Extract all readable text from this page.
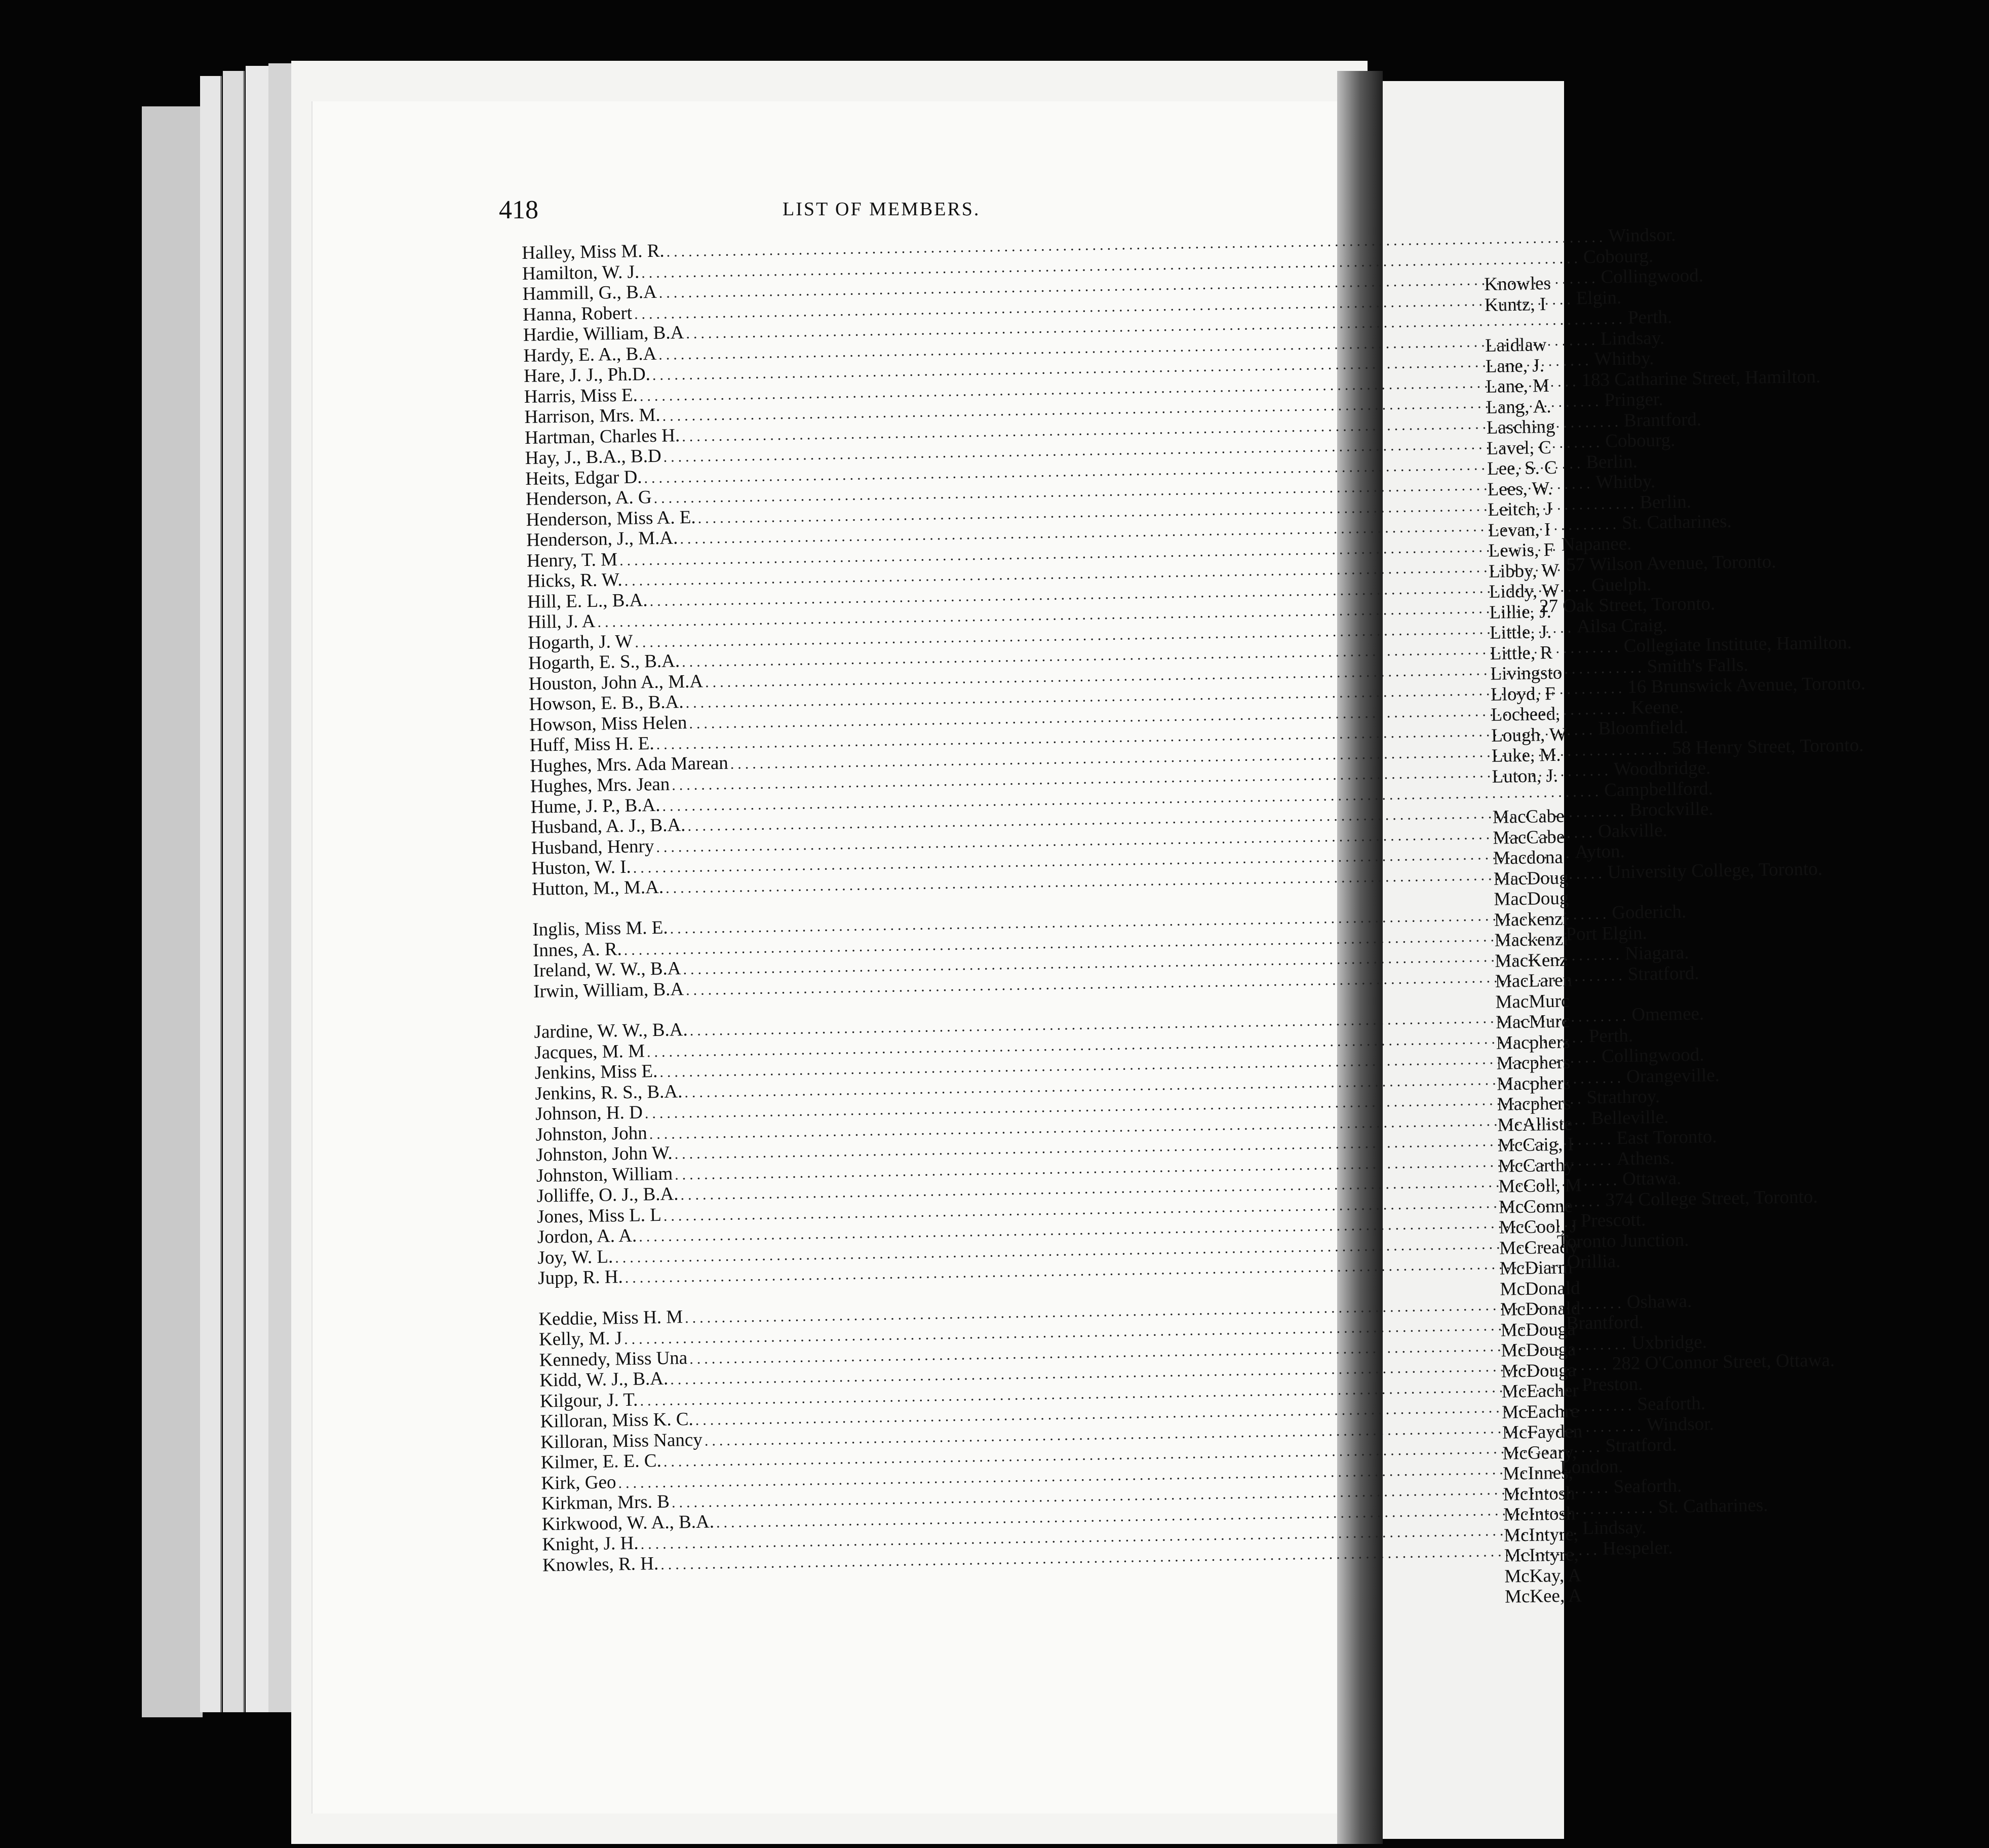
418	LIST OF MEMBERS.
Halley, Miss M. R.
.....
Windsor.
Hamilton, W. J.
.....
Cobourg.
Hammill, G., B.A
.....
Collingwood.
Hanna, Robert
.....
Elgin.
Hardie, William, B.A
.....
Perth.
Hardy, E. A., B.A
.....
Lindsay.
Hare, J. J., Ph.D.
.....
Whitby.
Harris, Miss E.
.....
183 Catharine Street, Hamilton.
Harrison, Mrs. M.
.....
Pringer.
Hartman, Charles H.
.....
Brantford.
Hay, J., B.A., B.D
.....
Cobourg.
Heits, Edgar D.
.....
Berlin.
Henderson, A. G
.....
Whitby.
Henderson, Miss A. E.
.....
Berlin.
Henderson, J., M.A.
.....
St. Catharines.
Henry, T. M
.....
Napanee.
Hicks, R. W.
.....
57 Wilson Avenue, Toronto.
Hill, E. L., B.A.
.....
Guelph.
Hill, J. A
.....
27 Oak Street, Toronto.
Hogarth, J. W
.....
Ailsa Craig.
Hogarth, E. S., B.A.
.....
Collegiate Institute, Hamilton.
Houston, John A., M.A
.....
Smith's Falls.
Howson, E. B., B.A.
.....
16 Brunswick Avenue, Toronto.
Howson, Miss Helen
.....
Keene.
Huff, Miss H. E.
.....
Bloomfield.
Hughes, Mrs. Ada Marean
.....
58 Henry Street, Toronto.
Hughes, Mrs. Jean
.....
Woodbridge.
Hume, J. P., B.A.
.....
Campbellford.
Husband, A. J., B.A.
.....
Brockville.
Husband, Henry
.....
Oakville.
Huston, W. I.
.....
Ayton.
Hutton, M., M.A.
.....
University College, Toronto.
Inglis, Miss M. E.
.....
Goderich.
Innes, A. R.
.....
Port Elgin.
Ireland, W. W., B.A
.....
Niagara.
Irwin, William, B.A
.....
Stratford.
Jardine, W. W., B.A.
.....
Omemee.
Jacques, M. M
.....
Perth.
Jenkins, Miss E.
.....
Collingwood.
Jenkins, R. S., B.A.
.....
Orangeville.
Johnson, H. D
.....
Strathroy.
Johnston, John
.....
Belleville.
Johnston, John W.
.....
East Toronto.
Johnston, William
.....
Athens.
Jolliffe, O. J., B.A.
.....
Ottawa.
Jones, Miss L. L
.....
374 College Street, Toronto.
Jordon, A. A.
.....
Prescott.
Joy, W. L.
.....
Toronto Junction.
Jupp, R. H.
.....
Orillia.
Keddie, Miss H. M
.....
Oshawa.
Kelly, M. J
.....
Brantford.
Kennedy, Miss Una
.....
Uxbridge.
Kidd, W. J., B.A.
.....
282 O'Connor Street, Ottawa.
Kilgour, J. T.
.....
Preston.
Killoran, Miss K. C.
.....
Seaforth.
Killoran, Miss Nancy
.....
Windsor.
Kilmer, E. E. C.
.....
Stratford.
Kirk, Geo
.....
London.
Kirkman, Mrs. B
.....
Seaforth.
Kirkwood, W. A., B.A.
.....
St. Catharines.
Knight, J. H.
.....
Lindsay.
Knowles, R. H.
.....
Hespeler.
Knowles
Kuntz, I
Laidlaw
Lane, J.
Lane, M
Lang, A.
Lasching
Lavel, C
Lee, S. C
Lees, W.
Leitch, J
Levan, I
Lewis, F
Libby, W
Liddy, W
Lillie, J.
Little, J.
Little, R
Livingsto
Lloyd, F
Locheed,
Lough, W
Luke, M.
Luton, J.
MacCabe
MacCabe
Macdona
MacDoug
MacDoug
Mackenzi
Mackenzi
MacKenz
MacLaren
MacMurc
MacMurc
Macphers
Macphers
Macphers
Macphers
McAlliste
McCaig, I
McCarthy
McColl, M
McConne
McCool, J
McCready
McDiarm
McDonald
McDonald
McDouga
McDouga
McDouga
McEacher
McEachre
McFayden
McGeary,
McInnes,
McIntosh
McIntosh
McIntyre,
McIntyre,
McKay, A
McKee, A
